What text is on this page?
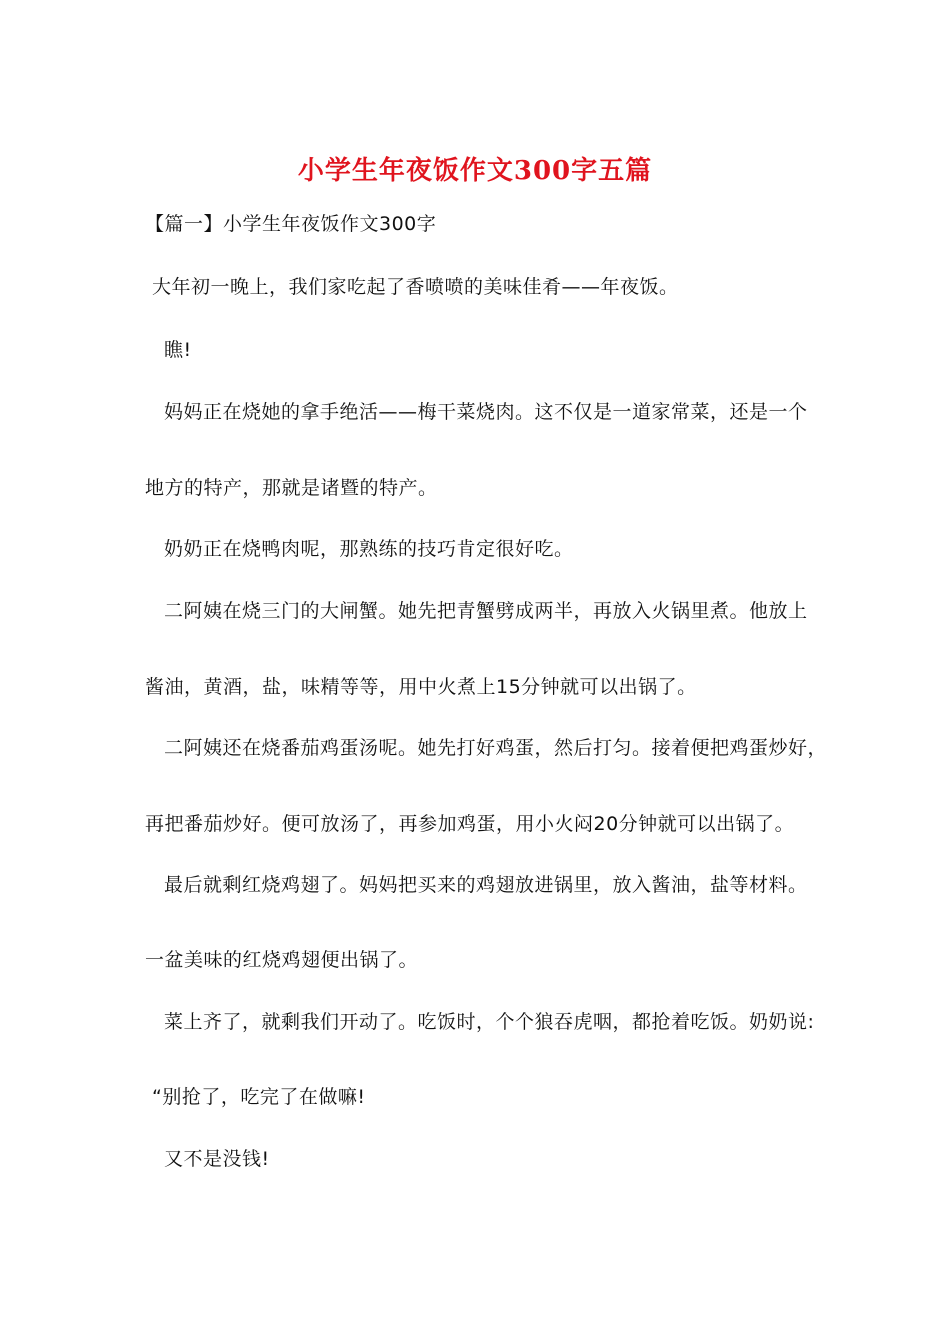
小学生年夜饭作文300字五篇
【篇一】小学生年夜饭作文300字
大年初一晚上，我们家吃起了香喷喷的美味佳肴——年夜饭。
瞧!
妈妈正在烧她的拿手绝活——梅干菜烧肉。这不仅是一道家常菜，还是一个
地方的特产，那就是诸暨的特产。
奶奶正在烧鸭肉呢，那熟练的技巧肯定很好吃。
二阿姨在烧三门的大闸蟹。她先把青蟹劈成两半，再放入火锅里煮。他放上
酱油，黄酒，盐，味精等等，用中火煮上15分钟就可以出锅了。
二阿姨还在烧番茄鸡蛋汤呢。她先打好鸡蛋，然后打匀。接着便把鸡蛋炒好，
再把番茄炒好。便可放汤了，再参加鸡蛋，用小火闷20分钟就可以出锅了。
最后就剩红烧鸡翅了。妈妈把买来的鸡翅放进锅里，放入酱油，盐等材料。
一盆美味的红烧鸡翅便出锅了。
菜上齐了，就剩我们开动了。吃饭时，个个狼吞虎咽，都抢着吃饭。奶奶说:
“别抢了，吃完了在做嘛!
又不是没钱!
